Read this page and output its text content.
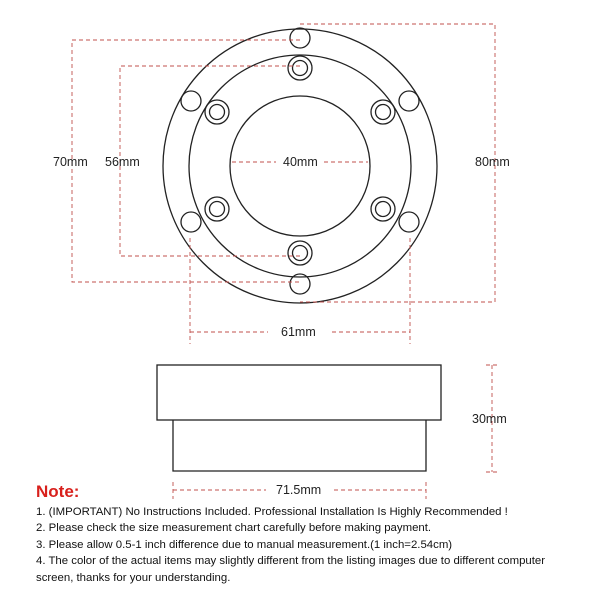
70mm 56mm	40mm	80mm
61mm
30mm
71.5mm
Note:
1. (IMPORTANT) No Instructions Included. Professional Installation Is Highly Recommended !
2. Please check the size measurement chart carefully before making payment.
3. Please allow 0.5-1 inch difference due to manual measurement.(1 inch=2.54cm)
4. The color of the actual items may slightly different from the listing images due to different computer screen, thanks for your understanding.
